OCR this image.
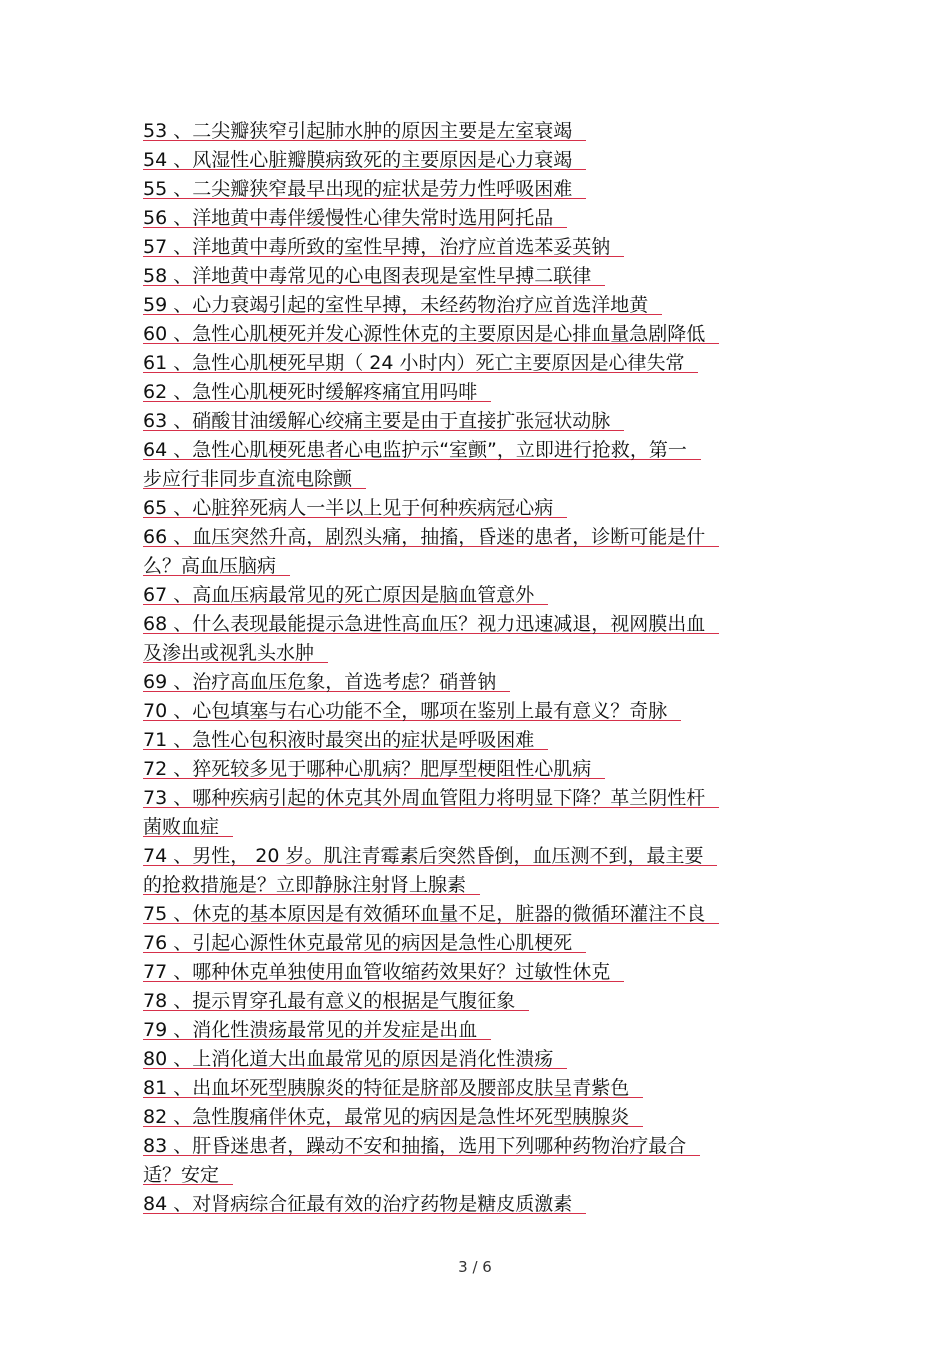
53 、二尖瓣狭窄引起肺水肿的原因主要是左室衰竭
54 、风湿性心脏瓣膜病致死的主要原因是心力衰竭
55 、二尖瓣狭窄最早出现的症状是劳力性呼吸困难
56 、洋地黄中毒伴缓慢性心律失常时选用阿托品
57 、洋地黄中毒所致的室性早搏，治疗应首选苯妥英钠
58 、洋地黄中毒常见的心电图表现是室性早搏二联律
59 、心力衰竭引起的室性早搏，未经药物治疗应首选洋地黄
60 、急性心肌梗死并发心源性休克的主要原因是心排血量急剧降低
61 、急性心肌梗死早期（ 24 小时内）死亡主要原因是心律失常
62 、急性心肌梗死时缓解疼痛宜用吗啡
63 、硝酸甘油缓解心绞痛主要是由于直接扩张冠状动脉
64 、急性心肌梗死患者心电监护示“室颤”，立即进行抢救，第一
步应行非同步直流电除颤
65 、心脏猝死病人一半以上见于何种疾病冠心病
66 、血压突然升高，剧烈头痛，抽搐，昏迷的患者，诊断可能是什
么？高血压脑病
67 、高血压病最常见的死亡原因是脑血管意外
68 、什么表现最能提示急进性高血压？视力迅速减退，视网膜出血
及渗出或视乳头水肿
69 、治疗高血压危象，首选考虑？硝普钠
70 、心包填塞与右心功能不全，哪项在鉴别上最有意义？奇脉
71 、急性心包积液时最突出的症状是呼吸困难
72 、猝死较多见于哪种心肌病？肥厚型梗阻性心肌病
73 、哪种疾病引起的休克其外周血管阻力将明显下降？革兰阴性杆
菌败血症
74 、男性， 20 岁。肌注青霉素后突然昏倒，血压测不到，最主要
的抢救措施是？立即静脉注射肾上腺素
75 、休克的基本原因是有效循环血量不足，脏器的微循环灌注不良
76 、引起心源性休克最常见的病因是急性心肌梗死
77 、哪种休克单独使用血管收缩药效果好？过敏性休克
78 、提示胃穿孔最有意义的根据是气腹征象
79 、消化性溃疡最常见的并发症是出血
80 、上消化道大出血最常见的原因是消化性溃疡
81 、出血坏死型胰腺炎的特征是脐部及腰部皮肤呈青紫色
82 、急性腹痛伴休克，最常见的病因是急性坏死型胰腺炎
83 、肝昏迷患者，躁动不安和抽搐，选用下列哪种药物治疗最合
适？安定
84 、对肾病综合征最有效的治疗药物是糖皮质激素
3 / 6
